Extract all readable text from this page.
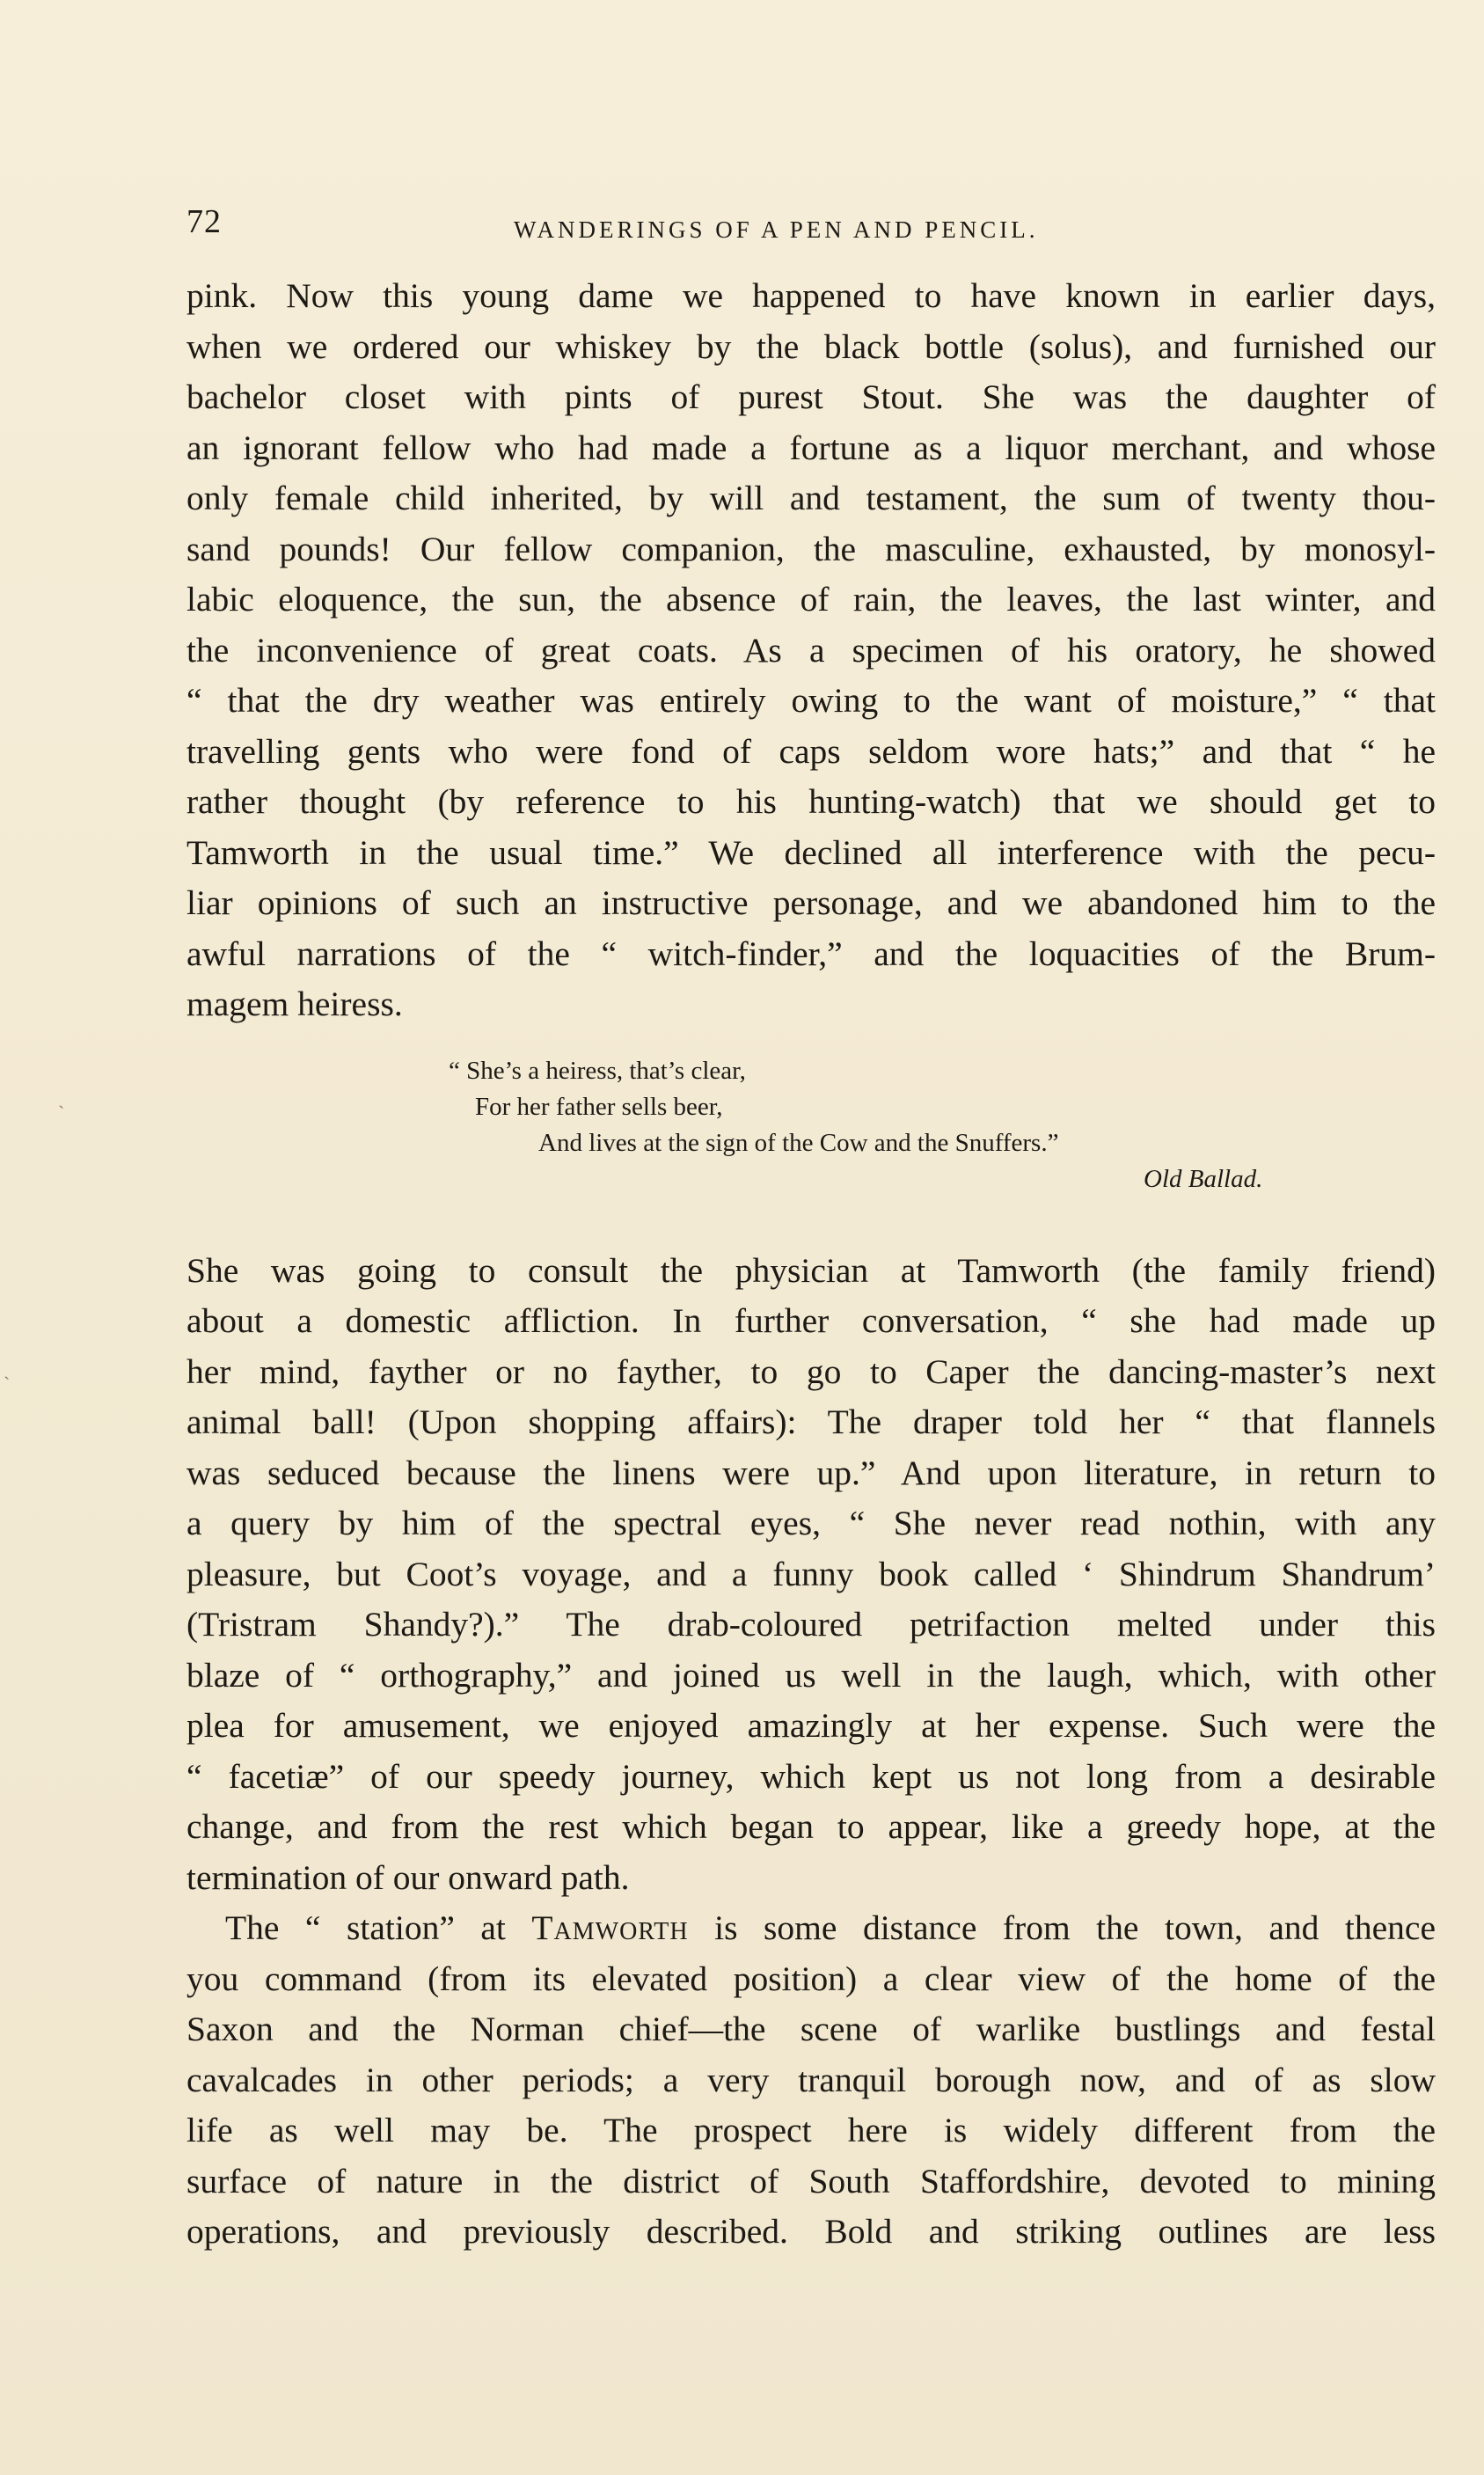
72	WANDERINGS OF A PEN AND PENCIL.
pink. Now this young dame we happened to have known in earlier days,
when we ordered our whiskey by the black bottle (solus), and furnished our
bachelor closet with pints of purest Stout. She was the daughter of
an ignorant fellow who had made a fortune as a liquor merchant, and whose
only female child inherited, by will and testament, the sum of twenty thou-
sand pounds! Our fellow companion, the masculine, exhausted, by monosyl-
labic eloquence, the sun, the absence of rain, the leaves, the last winter, and
the inconvenience of great coats. As a specimen of his oratory, he showed
“ that the dry weather was entirely owing to the want of moisture,” “ that
travelling gents who were fond of caps seldom wore hats;” and that “ he
rather thought (by reference to his hunting-watch) that we should get to
Tamworth in the usual time.” We declined all interference with the pecu-
liar opinions of such an instructive personage, and we abandoned him to the
awful narrations of the “ witch-finder,” and the loquacities of the Brum-
magem heiress.
“ She’s a heiress, that’s clear,
For her father sells beer,
And lives at the sign of the Cow and the Snuffers.”
Old Ballad.
She was going to consult the physician at Tamworth (the family friend)
about a domestic affliction. In further conversation, “ she had made up
her mind, fayther or no fayther, to go to Caper the dancing-master’s next
animal ball! (Upon shopping affairs): The draper told her “ that flannels
was seduced because the linens were up.” And upon literature, in return to
a query by him of the spectral eyes, “ She never read nothin, with any
pleasure, but Coot’s voyage, and a funny book called ‘ Shindrum Shandrum’
(Tristram Shandy?).” The drab-coloured petrifaction melted under this
blaze of “ orthography,” and joined us well in the laugh, which, with other
plea for amusement, we enjoyed amazingly at her expense. Such were the
“ facetiæ” of our speedy journey, which kept us not long from a desirable
change, and from the rest which began to appear, like a greedy hope, at the
termination of our onward path.
The “ station” at Tamworth is some distance from the town, and thence
you command (from its elevated position) a clear view of the home of the
Saxon and the Norman chief—the scene of warlike bustlings and festal
cavalcades in other periods; a very tranquil borough now, and of as slow
life as well may be. The prospect here is widely different from the
surface of nature in the district of South Staffordshire, devoted to mining
operations, and previously described. Bold and striking outlines are less
ˋ
ˋ
